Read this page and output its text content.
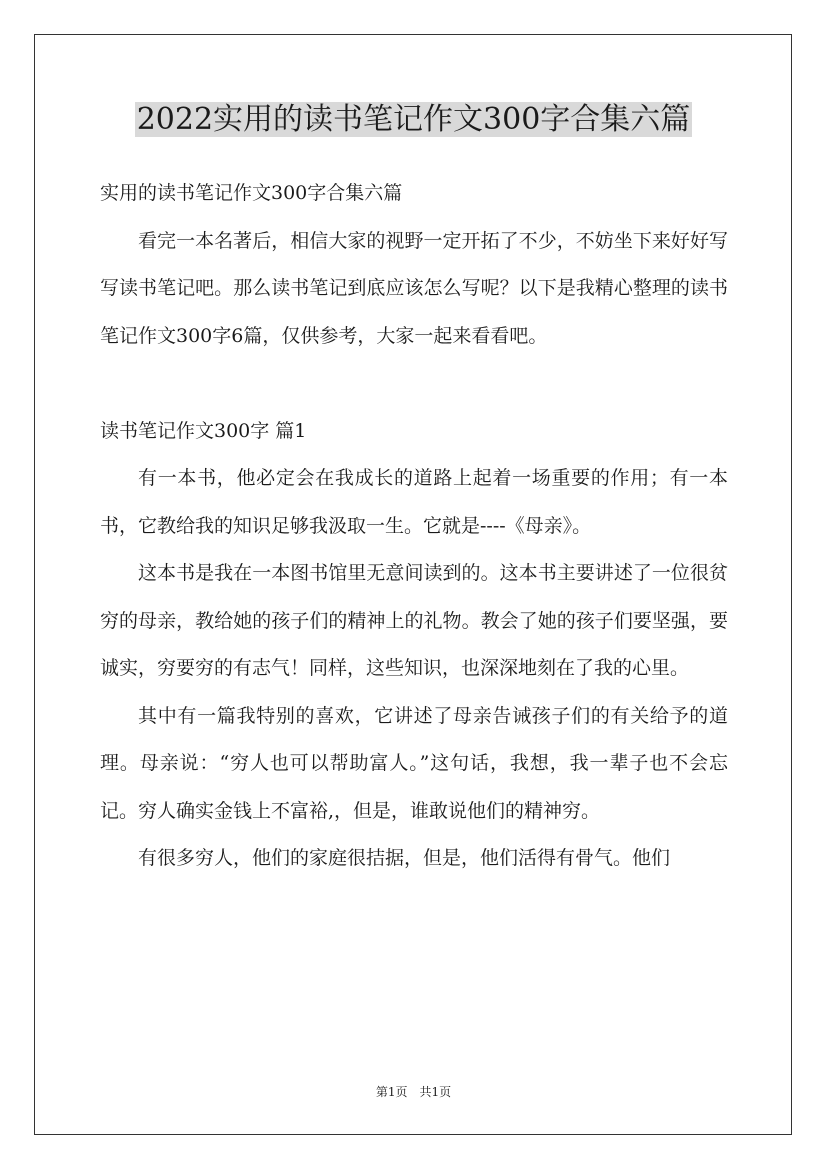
2022实用的读书笔记作文300字合集六篇

实用的读书笔记作文300字合集六篇

看完一本名著后，相信大家的视野一定开拓了不少，不妨坐下来好好写写读书笔记吧。那么读书笔记到底应该怎么写呢？以下是我精心整理的读书笔记作文300字6篇，仅供参考，大家一起来看看吧。

读书笔记作文300字 篇1

有一本书，他必定会在我成长的道路上起着一场重要的作用；有一本书，它教给我的知识足够我汲取一生。它就是----《母亲》。

这本书是我在一本图书馆里无意间读到的。这本书主要讲述了一位很贫穷的母亲，教给她的孩子们的精神上的礼物。教会了她的孩子们要坚强，要诚实，穷要穷的有志气！同样，这些知识，也深深地刻在了我的心里。

其中有一篇我特别的喜欢，它讲述了母亲告诫孩子们的有关给予的道理。母亲说：“穷人也可以帮助富人。”这句话，我想，我一辈子也不会忘记。穷人确实金钱上不富裕,，但是，谁敢说他们的精神穷。

有很多穷人，他们的家庭很拮据，但是，他们活得有骨气。他们

第1页　共1页
